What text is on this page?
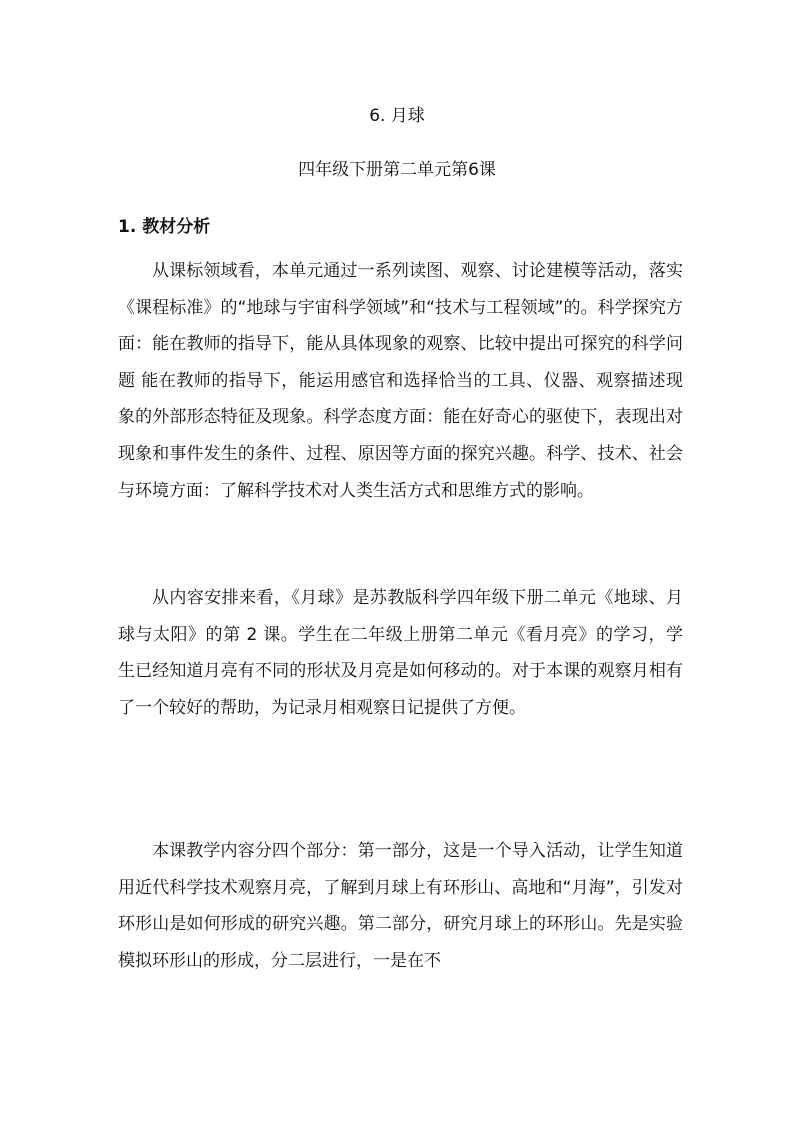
6. 月球
四年级下册第二单元第6课
1. 教材分析

从课标领域看，本单元通过一系列读图、观察、讨论建模等活动，落实《课程标准》的“地球与宇宙科学领域”和“技术与工程领域”的。科学探究方面：能在教师的指导下，能从具体现象的观察、比较中提出可探究的科学问题 能在教师的指导下，能运用感官和选择恰当的工具、仪器、观察描述现象的外部形态特征及现象。科学态度方面：能在好奇心的驱使下，表现出对现象和事件发生的条件、过程、原因等方面的探究兴趣。科学、技术、社会与环境方面：了解科学技术对人类生活方式和思维方式的影响。

从内容安排来看，《月球》是苏教版科学四年级下册二单元《地球、月球与太阳》的第 2 课。学生在二年级上册第二单元《看月亮》的学习，学生已经知道月亮有不同的形状及月亮是如何移动的。对于本课的观察月相有了一个较好的帮助，为记录月相观察日记提供了方便。

本课教学内容分四个部分：第一部分，这是一个导入活动，让学生知道用近代科学技术观察月亮，了解到月球上有环形山、高地和“月海”，引发对环形山是如何形成的研究兴趣。第二部分，研究月球上的环形山。先是实验模拟环形山的形成，分二层进行，一是在不
